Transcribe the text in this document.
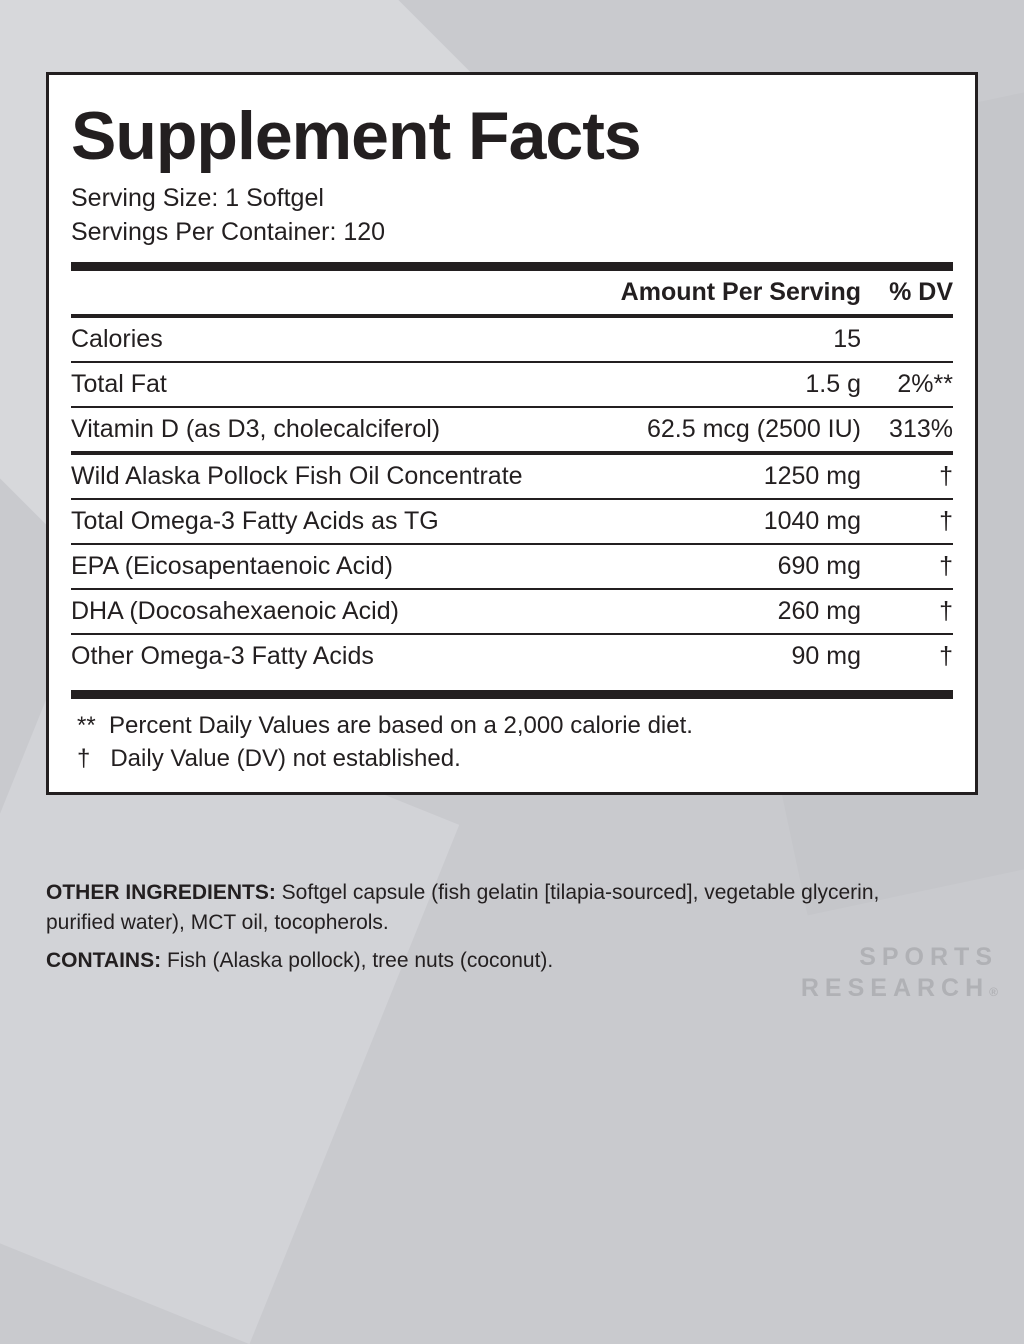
Supplement Facts
Serving Size: 1 Softgel
Servings Per Container: 120
	Amount Per Serving	% DV
Calories	15	
Total Fat	1.5 g	2%**
Vitamin D (as D3, cholecalciferol)	62.5 mcg (2500 IU)	313%
Wild Alaska Pollock Fish Oil Concentrate	1250 mg	†
Total Omega-3 Fatty Acids as TG	1040 mg	†
EPA (Eicosapentaenoic Acid)	690 mg	†
DHA (Docosahexaenoic Acid)	260 mg	†
Other Omega-3 Fatty Acids	90 mg	†
**  Percent Daily Values are based on a 2,000 calorie diet.
†   Daily Value (DV) not established.
OTHER INGREDIENTS: Softgel capsule (fish gelatin [tilapia-sourced], vegetable glycerin, purified water), MCT oil, tocopherols.
CONTAINS: Fish (Alaska pollock), tree nuts (coconut).	SPORTS
RESEARCH®
